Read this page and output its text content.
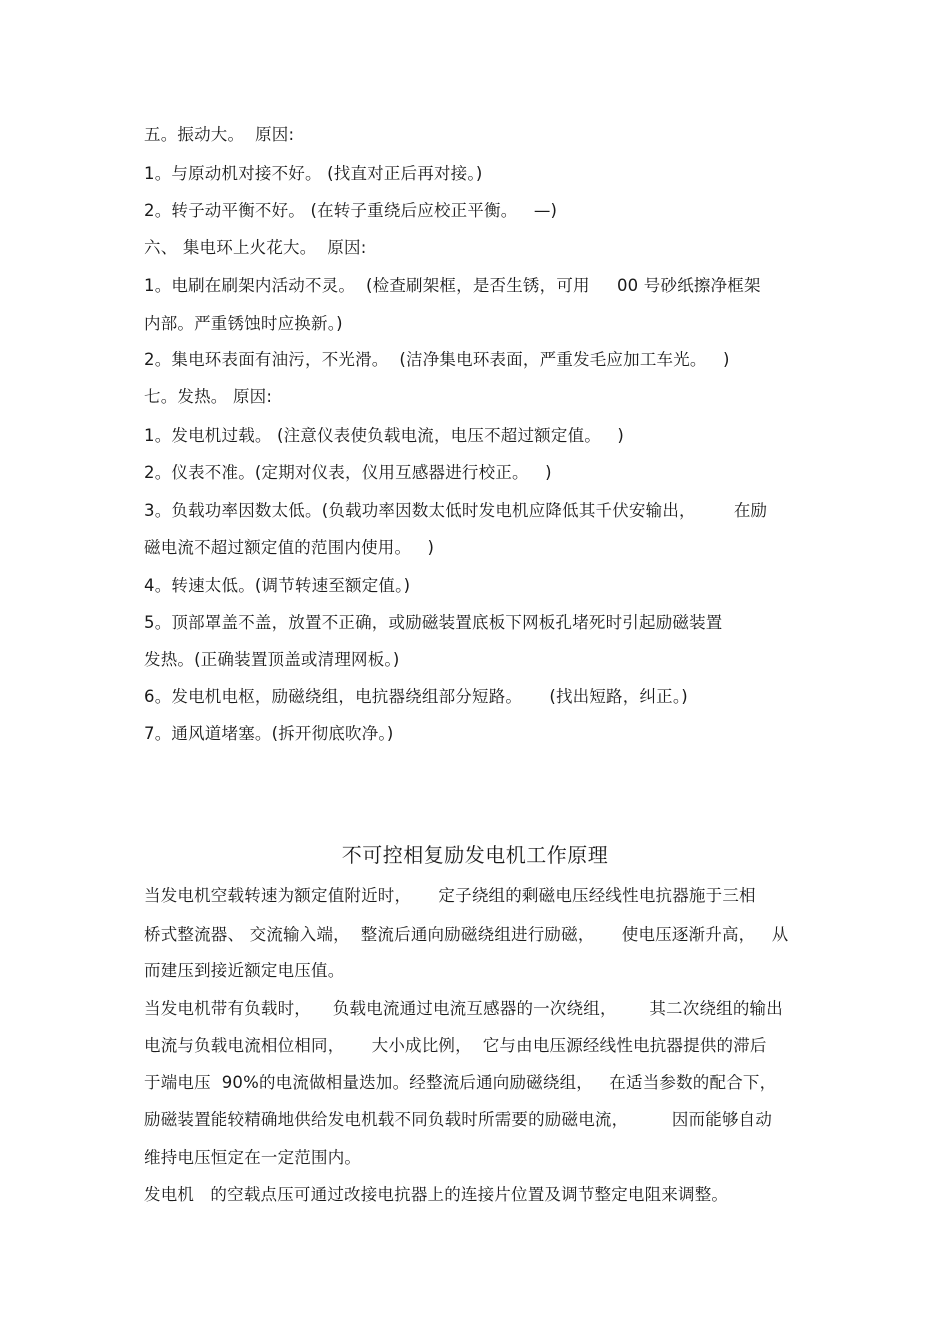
五。振动大。  原因:
1。与原动机对接不好。 (找直对正后再对接。)
2。转子动平衡不好。 (在转子重绕后应校正平衡。   —)
六、 集电环上火花大。  原因:
1。电刷在刷架内活动不灵。  (检查刷架框，是否生锈，可用     00 号砂纸擦净框架
内部。严重锈蚀时应换新。)
2。集电环表面有油污，不光滑。  (洁净集电环表面，严重发毛应加工车光。   )
七。发热。 原因:
1。发电机过载。 (注意仪表使负载电流，电压不超过额定值。   )
2。仪表不准。(定期对仪表，仪用互感器进行校正。   )
3。负载功率因数太低。(负载功率因数太低时发电机应降低其千伏安输出，       在励
磁电流不超过额定值的范围内使用。   )
4。转速太低。(调节转速至额定值。)
5。顶部罩盖不盖，放置不正确，或励磁装置底板下网板孔堵死时引起励磁装置
发热。(正确装置顶盖或清理网板。)
6。发电机电枢，励磁绕组，电抗器绕组部分短路。     (找出短路，纠正。)
7。通风道堵塞。(拆开彻底吹净。)
不可控相复励发电机工作原理
当发电机空载转速为额定值附近时，     定子绕组的剩磁电压经线性电抗器施于三相
桥式整流器、 交流输入端，  整流后通向励磁绕组进行励磁，     使电压逐渐升高，   从
而建压到接近额定电压值。
当发电机带有负载时，    负载电流通过电流互感器的一次绕组，      其二次绕组的输出
电流与负载电流相位相同，     大小成比例，  它与由电压源经线性电抗器提供的滞后
于端电压  90%的电流做相量迭加。经整流后通向励磁绕组，   在适当参数的配合下，
励磁装置能较精确地供给发电机载不同负载时所需要的励磁电流，        因而能够自动
维持电压恒定在一定范围内。
发电机   的空载点压可通过改接电抗器上的连接片位置及调节整定电阻来调整。
